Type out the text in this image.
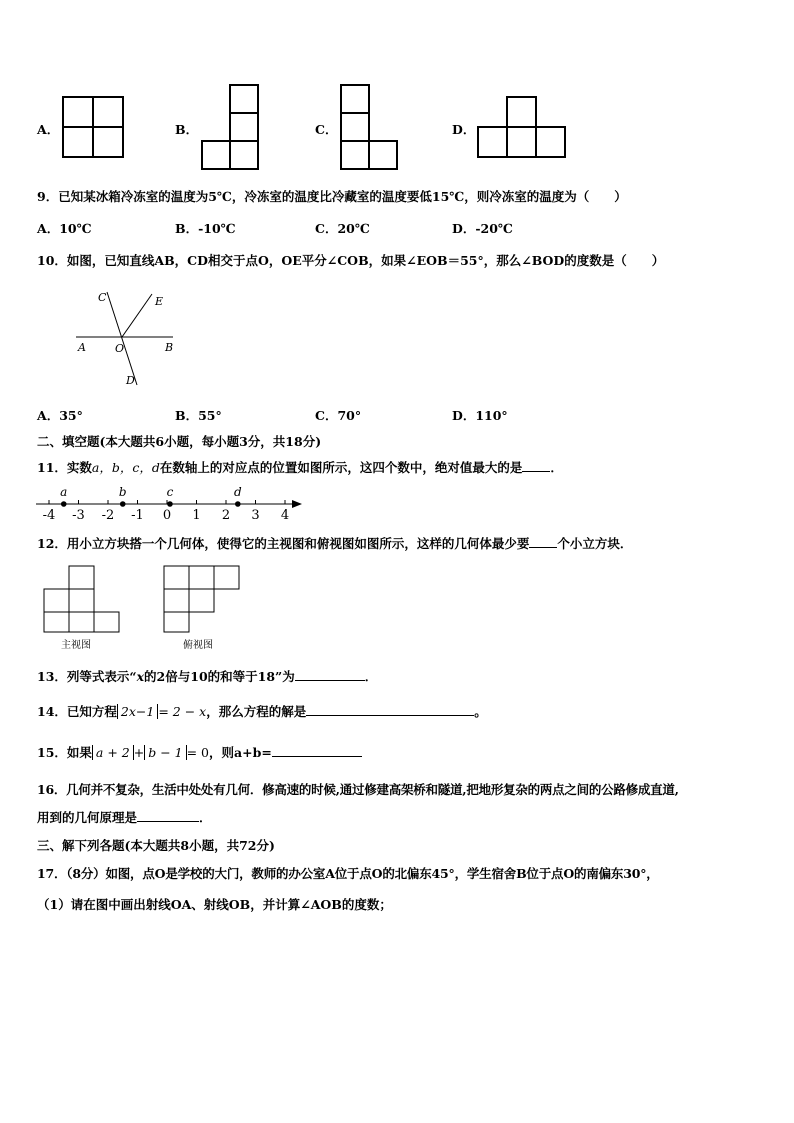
A．	B．	C．	D．
9．已知某冰箱冷冻室的温度为5℃，冷冻室的温度比冷藏室的温度要低15℃，则冷冻室的温度为（　　）
A．10℃	B．-10℃	C．20℃	D．-20℃
10．如图，已知直线AB，CD相交于点O，OE平分∠COB，如果∠EOB＝55°，那么∠BOD的度数是（　　）
C	E
A	O	B
D
A．35°	B．55°	C．70°	D．110°
二、填空题(本大题共6小题，每小题3分，共18分)
11．实数a，b，c，d在数轴上的对应点的位置如图所示，这四个数中，绝对值最大的是 ．
-4 -3 -2 -1 0 1 2 3 4
a	b	c	d
12．用小立方块搭一个几何体，使得它的主视图和俯视图如图所示，这样的几何体最少要 个小立方块．
主视图	俯视图
13．列等式表示“x的2倍与10的和等于18”为	．
14．已知方程 2x−1 = 2 − x，那么方程的解是	。
15．如果 a + 2 + b − 1 = 0，则a+b=
16．几何并不复杂，生活中处处有几何．修高速的时候,通过修建高架桥和隧道,把地形复杂的两点之间的公路修成直道,
用到的几何原理是	．
三、解下列各题(本大题共8小题，共72分)
17．（8分）如图，点O是学校的大门，教师的办公室A位于点O的北偏东45°，学生宿舍B位于点O的南偏东30°，
（1）请在图中画出射线OA、射线OB，并计算∠AOB的度数；
